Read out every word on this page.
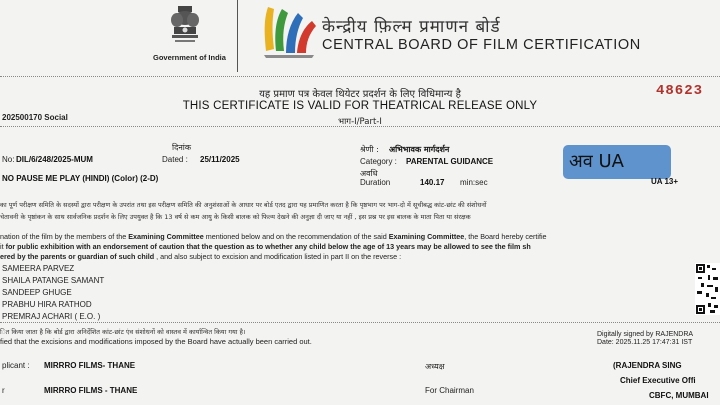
Government of India
केन्द्रीय फ़िल्म प्रमाणन बोर्ड
CENTRAL BOARD OF FILM CERTIFICATION
यह प्रमाण पत्र केवल थियेटर प्रदर्शन के लिए विधिमान्य है
THIS CERTIFICATE IS VALID FOR THEATRICAL RELEASE ONLY
भाग-I/Part-I
48623
202500170 Social
दिनांक
No: DIL/6/248/2025-MUM	Dated : 25/11/2025
श्रेणी : अभिभावक मार्गदर्शन
Category : PARENTAL GUIDANCE
अवधि
Duration	140.17 min:sec
NO PAUSE ME PLAY (HINDI) (Color) (2-D)
अव UA
UA 13+
का पूर्ण परीक्षण समिति के सदस्यों द्वारा परीक्षण के उपरांत तथा इस परीक्षण समिति की अनुशंसाओं के आधार पर बोर्ड एतद द्वारा यह प्रमाणित करता है कि पृष्ठभाग पर भाग-दो में सूचीबद्ध कांट-छांट की संशोधनों
चेतावनी के पृष्ठांकन के साथ सार्वजनिक प्रदर्शन के लिए उपयुक्त है कि 13 वर्ष से कम आयु के किसी बालक को फिल्म देखने की अनुज्ञा दी जाए या नहीं , इस प्रश्न पर इस बालक के माता पिता या संरक्षक
nation of the film by the members of the Examining Committee mentioned below and on the recommendation of the said Examining Committee, the Board hereby certifie
it for public exhibition with an endorsement of caution that the question as to whether any child below the age of 13 years may be allowed to see the film sh
ered by the parents or guardian of such child , and also subject to excision and modification listed in part II on the reverse :
SAMEERA PARVEZ
SHAILA PATANGE SAMANT
SANDEEP GHUGE
PRABHU HIRA RATHOD
PREMRAJ ACHARI ( E.O. )
ित किया जाता है कि बोर्ड द्वारा अनिर्देशित कांट-छांट एंव संशोधनों को वास्तव में कार्यान्वित किया गया है।
fied that the excisions and modifications imposed by the Board have actually been carried out.
Digitally signed by RAJENDRA
Date: 2025.11.25 17:47:31 IST
plicant : MIRRRO FILMS- THANE	अध्यक्ष	(RAJENDRA SING
Chief Executive Offi
r	MIRRRO FILMS - THANE	For Chairman
CBFC, MUMBAI
